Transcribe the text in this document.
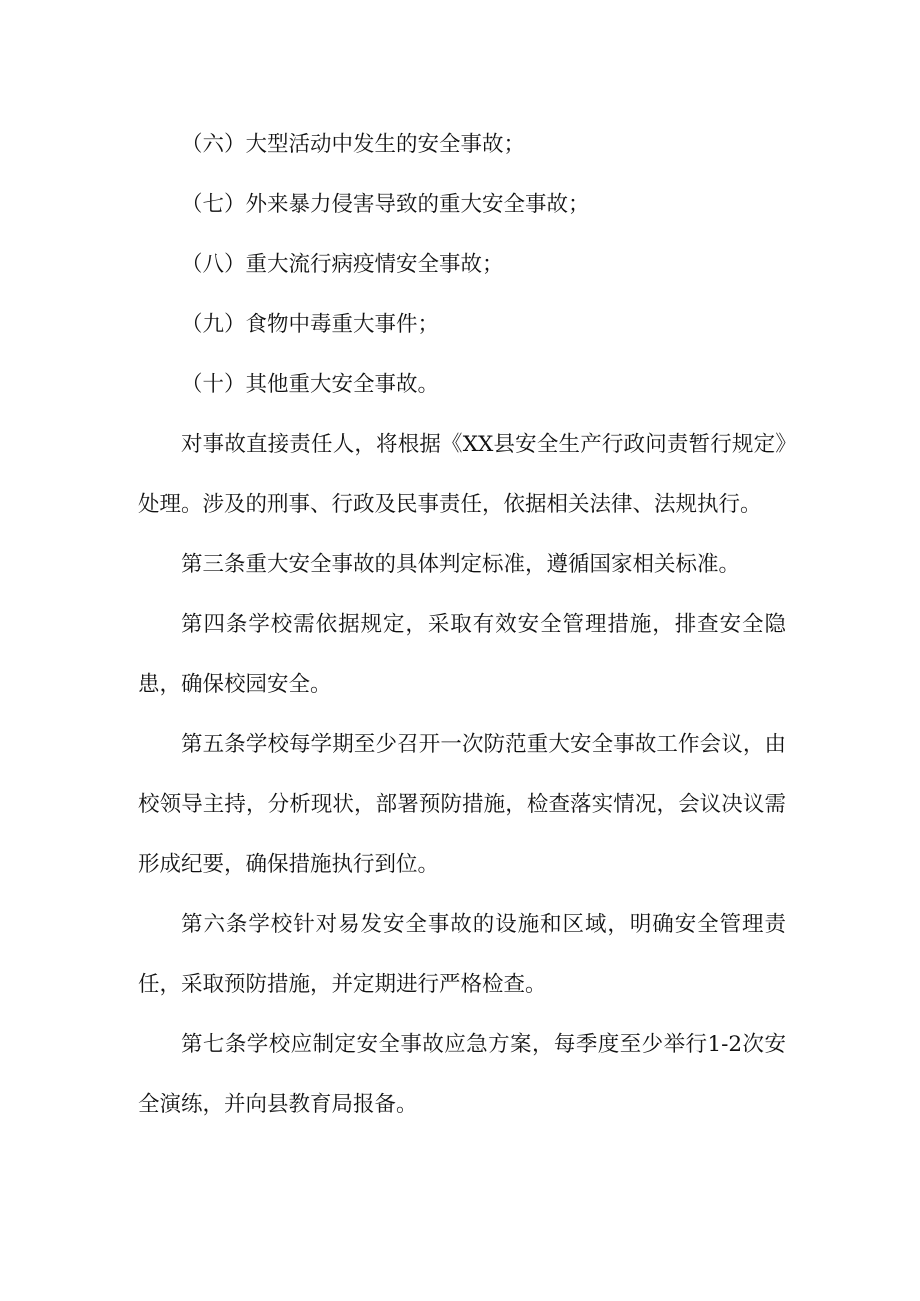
（六）大型活动中发生的安全事故；

（七）外来暴力侵害导致的重大安全事故；

（八）重大流行病疫情安全事故；

（九）食物中毒重大事件；

（十）其他重大安全事故。

对事故直接责任人，将根据《XX县安全生产行政问责暂行规定》处理。涉及的刑事、行政及民事责任，依据相关法律、法规执行。

第三条重大安全事故的具体判定标准，遵循国家相关标准。

第四条学校需依据规定，采取有效安全管理措施，排查安全隐患，确保校园安全。

第五条学校每学期至少召开一次防范重大安全事故工作会议，由校领导主持，分析现状，部署预防措施，检查落实情况，会议决议需形成纪要，确保措施执行到位。

第六条学校针对易发安全事故的设施和区域，明确安全管理责任，采取预防措施，并定期进行严格检查。

第七条学校应制定安全事故应急方案，每季度至少举行1-2次安全演练，并向县教育局报备。
